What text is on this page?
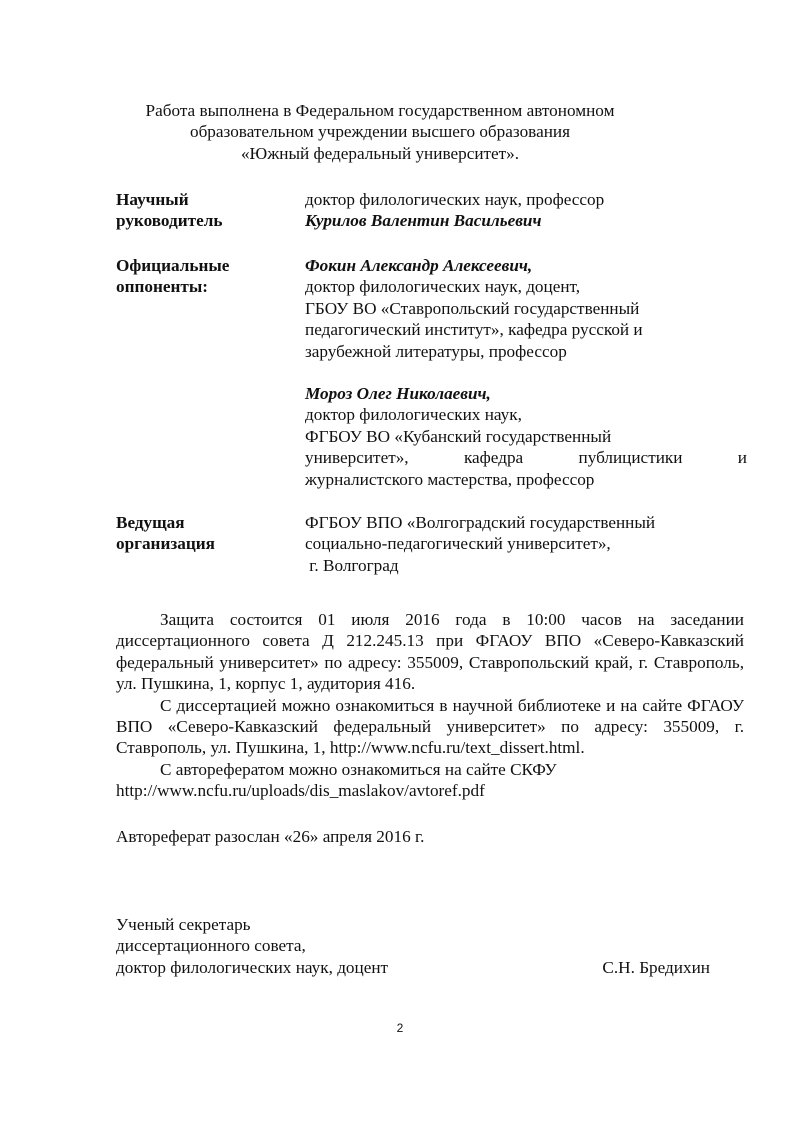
Работа выполнена в Федеральном государственном автономном
образовательном учреждении высшего образования
«Южный федеральный университет».
Научный
руководитель
доктор филологических наук, профессор
Курилов Валентин Васильевич
Официальные
оппоненты:
Фокин Александр Алексеевич,
доктор филологических наук, доцент,
ГБОУ ВО «Ставропольский государственный
педагогический институт», кафедра русской и
зарубежной литературы, профессор
Мороз Олег Николаевич,
доктор филологических наук,
ФГБОУ ВО «Кубанский государственный
университет», кафедра публицистики и
журналистского мастерства, профессор
Ведущая
организация
ФГБОУ ВПО «Волгоградский государственный
социально-педагогический университет»,
г. Волгоград

Защита состоится 01 июля 2016 года в 10:00 часов на заседании диссертационного совета Д 212.245.13 при ФГАОУ ВПО «Северо-Кавказский федеральный университет» по адресу: 355009, Ставропольский край, г. Ставрополь, ул. Пушкина, 1, корпус 1, аудитория 416.

С диссертацией можно ознакомиться в научной библиотеке и на сайте ФГАОУ ВПО «Северо-Кавказский федеральный университет» по адресу: 355009, г. Ставрополь, ул. Пушкина, 1, http://www.ncfu.ru/text_dissert.html.

С авторефератом можно ознакомиться на сайте СКФУ
http://www.ncfu.ru/uploads/dis_maslakov/avtoref.pdf

Автореферат разослан «26» апреля 2016 г.
Ученый секретарь
диссертационного совета,
доктор филологических наук, доцент	С.Н. Бредихин
2
